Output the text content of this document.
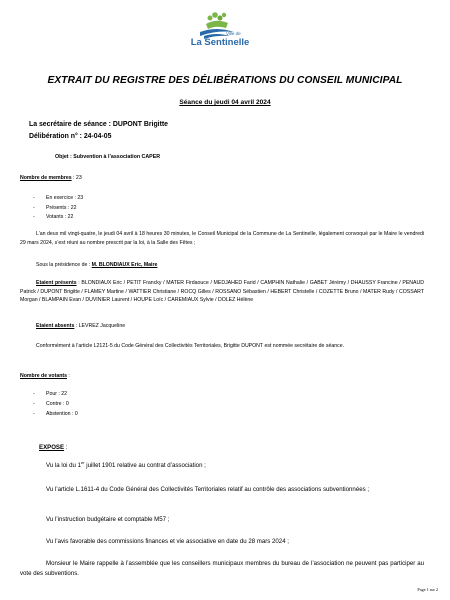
Ville de
La Sentinelle
EXTRAIT DU REGISTRE DES DÉLIBÉRATIONS DU CONSEIL MUNICIPAL
Séance du jeudi 04 avril 2024
La secrétaire de séance : DUPONT Brigitte
Délibération n° : 24-04-05
Objet : Subvention à l’association CAPER
Nombre de membres : 23
- En exercice : 23
- Présents : 22
- Votants : 22
L’an deux mil vingt-quatre, le jeudi 04 avril à 18 heures 30 minutes, le Conseil Municipal de la Commune de La Sentinelle, légalement convoqué par le Maire le vendredi 29 mars 2024, s’est réuni au nombre prescrit par la loi, à la Salle des Fêtes ;
Sous la présidence de : M. BLONDIAUX Eric, Maire
Etaient présents : BLONDIAUX Eric / PETIT Francky / MATER Firdaouce / MEDJAHED Farid / CAMPHIN Nathalie / GABET Jérémy / DHAUSSY Francine / PENAUD Patrick / DUPONT Brigitte / FLAMEY Martine / WATTIER Christiane / ROCQ Gilles / ROSSANO Sébastien / HEBERT Christelle / COZETTE Bruno / MATER Rudy / COSSART Morgan / BLAMPAIN Evan / DUVINIER Laurent / HOUPE Loïc / CAREMIAUX Sylvie / DOLEZ Hélène
Etaient absents : LEVREZ Jacqueline
Conformément à l’article L2121-5 du Code Général des Collectivités Territoriales, Brigitte DUPONT est nommée secrétaire de séance.
Nombre de votants :
- Pour : 22
- Contre : 0
- Abstention : 0
EXPOSE :
Vu la loi du 1er juillet 1901 relative au contrat d’association ;
Vu l’article L.1611-4 du Code Général des Collectivités Territoriales relatif au contrôle des associations subventionnées ;
Vu l’instruction budgétaire et comptable M57 ;
Vu l’avis favorable des commissions finances et vie associative en date du 28 mars 2024 ;
Monsieur le Maire rappelle à l’assemblée que les conseillers municipaux membres du bureau de l’association ne peuvent pas participer au vote des subventions.
Page 1 sur 2
